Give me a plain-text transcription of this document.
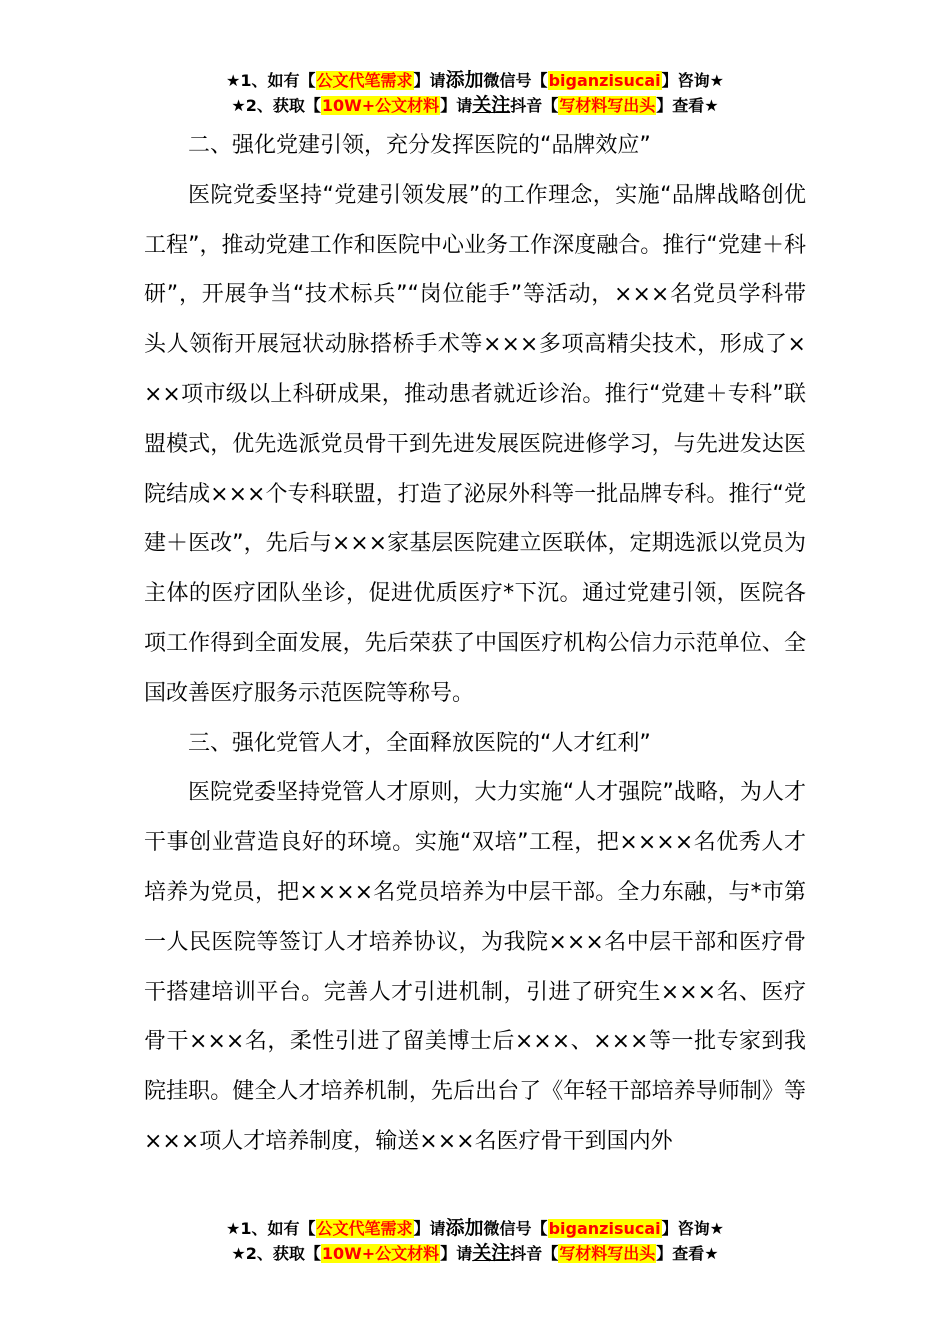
★1、如有【公文代笔需求】请添加微信号【biganzisucai】咨询★
★2、获取【10W+公文材料】请关注抖音【写材料写出头】查看★

二、强化党建引领，充分发挥医院的“品牌效应”

医院党委坚持“党建引领发展”的工作理念，实施“品牌战略创优工程”，推动党建工作和医院中心业务工作深度融合。推行“党建＋科研”，开展争当“技术标兵”“岗位能手”等活动，×××名党员学科带头人领衔开展冠状动脉搭桥手术等×××多项高精尖技术，形成了×××项市级以上科研成果，推动患者就近诊治。推行“党建＋专科”联盟模式，优先选派党员骨干到先进发展医院进修学习，与先进发达医院结成×××个专科联盟，打造了泌尿外科等一批品牌专科。推行“党建＋医改”，先后与×××家基层医院建立医联体，定期选派以党员为主体的医疗团队坐诊，促进优质医疗*下沉。通过党建引领，医院各项工作得到全面发展，先后荣获了中国医疗机构公信力示范单位、全国改善医疗服务示范医院等称号。

三、强化党管人才，全面释放医院的“人才红利”

医院党委坚持党管人才原则，大力实施“人才强院”战略，为人才干事创业营造良好的环境。实施“双培”工程，把××××名优秀人才培养为党员，把××××名党员培养为中层干部。全力东融，与*市第一人民医院等签订人才培养协议，为我院×××名中层干部和医疗骨干搭建培训平台。完善人才引进机制，引进了研究生×××名、医疗骨干×××名，柔性引进了留美博士后×××、×××等一批专家到我院挂职。健全人才培养机制，先后出台了《年轻干部培养导师制》等×××项人才培养制度，输送×××名医疗骨干到国内外

★1、如有【公文代笔需求】请添加微信号【biganzisucai】咨询★
★2、获取【10W+公文材料】请关注抖音【写材料写出头】查看★
